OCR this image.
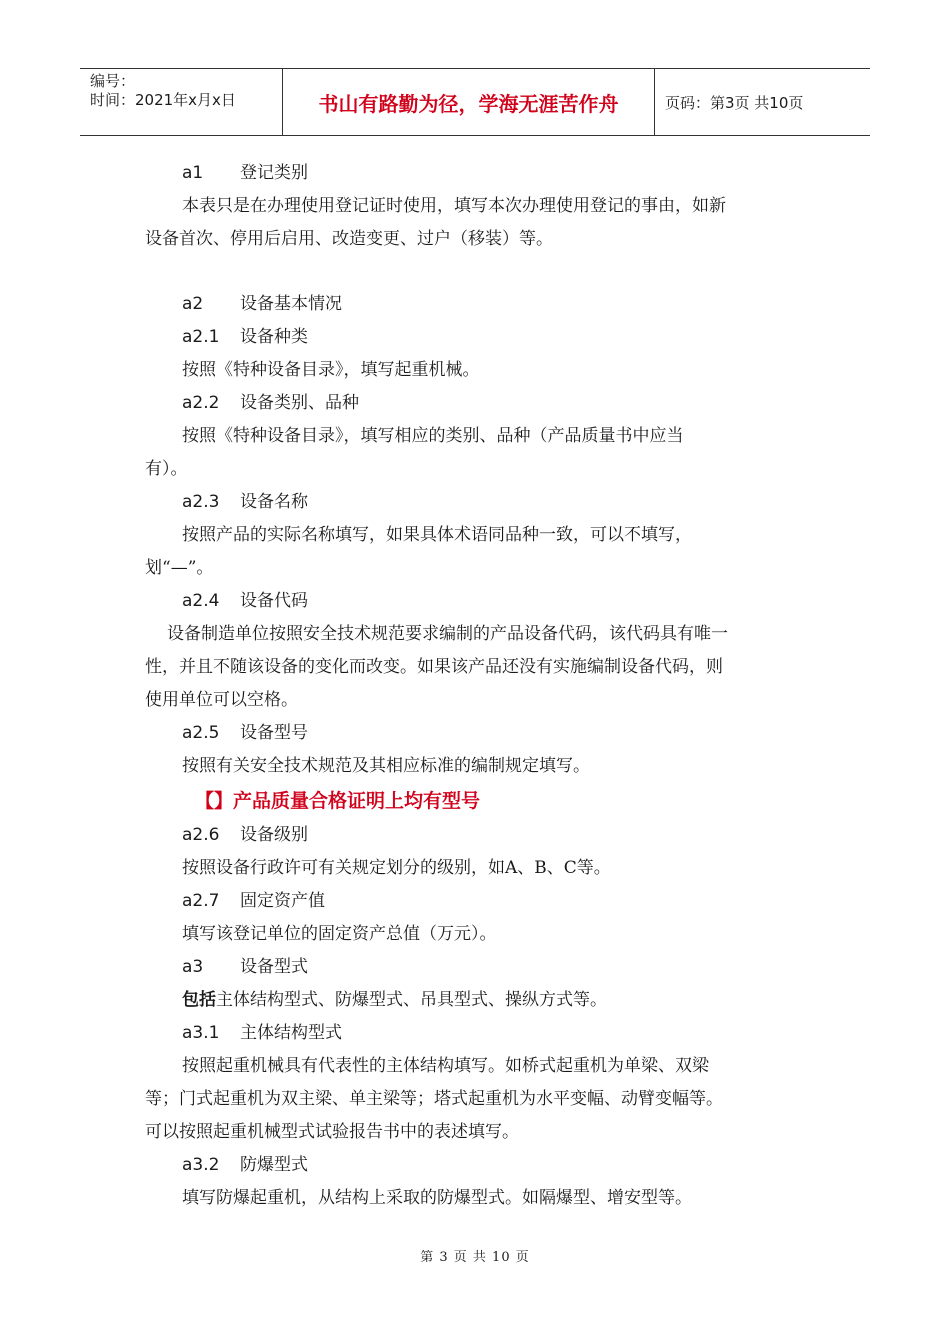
编号：
时间：2021年x月x日	书山有路勤为径，学海无涯苦作舟	页码：第3页 共10页
a1 登记类别
本表只是在办理使用登记证时使用，填写本次办理使用登记的事由，如新
设备首次、停用后启用、改造变更、过户（移装）等。
a2 设备基本情况
a2.1 设备种类
按照《特种设备目录》，填写起重机械。
a2.2 设备类别、品种
按照《特种设备目录》，填写相应的类别、品种（产品质量书中应当
有）。
a2.3 设备名称
按照产品的实际名称填写，如果具体术语同品种一致，可以不填写，
划“—”。
a2.4 设备代码
设备制造单位按照安全技术规范要求编制的产品设备代码，该代码具有唯一
性，并且不随该设备的变化而改变。如果该产品还没有实施编制设备代码，则
使用单位可以空格。
a2.5 设备型号
按照有关安全技术规范及其相应标准的编制规定填写。
【】产品质量合格证明上均有型号
a2.6 设备级别
按照设备行政许可有关规定划分的级别，如A、B、C等。
a2.7 固定资产值
填写该登记单位的固定资产总值（万元）。
a3 设备型式
包括主体结构型式、防爆型式、吊具型式、操纵方式等。
a3.1 主体结构型式
按照起重机械具有代表性的主体结构填写。如桥式起重机为单梁、双梁
等；门式起重机为双主梁、单主梁等；塔式起重机为水平变幅、动臂变幅等。
可以按照起重机械型式试验报告书中的表述填写。
a3.2 防爆型式
填写防爆起重机，从结构上采取的防爆型式。如隔爆型、增安型等。
第 3 页 共 10 页
